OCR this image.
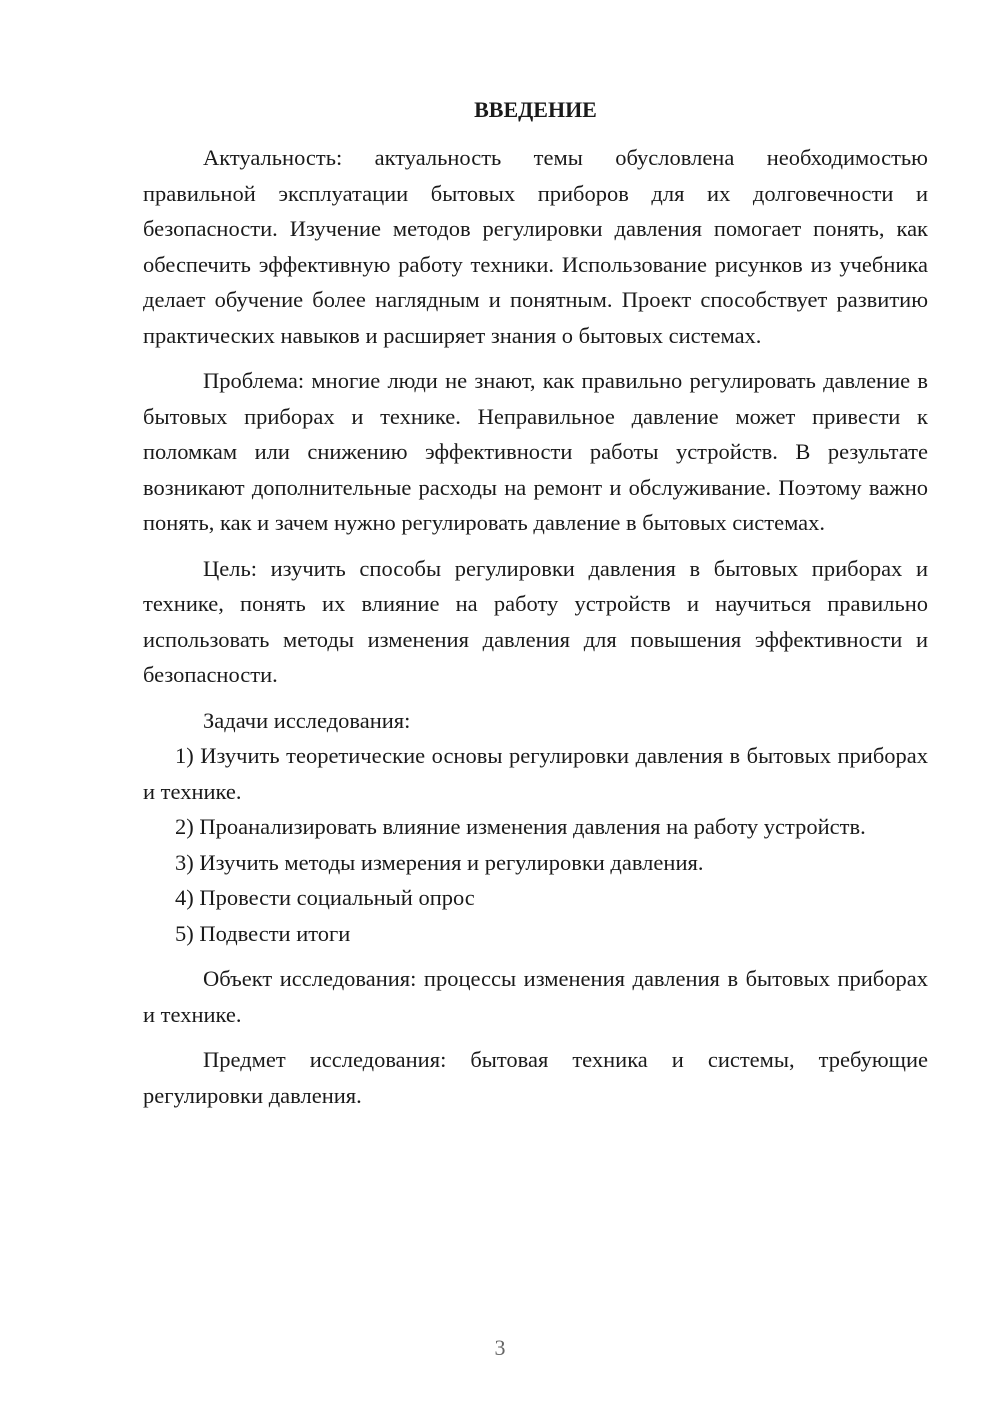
ВВЕДЕНИЕ

Актуальность: актуальность темы обусловлена необходимостью правильной эксплуатации бытовых приборов для их долговечности и безопасности. Изучение методов регулировки давления помогает понять, как обеспечить эффективную работу техники. Использование рисунков из учебника делает обучение более наглядным и понятным. Проект способствует развитию практических навыков и расширяет знания о бытовых системах.

Проблема: многие люди не знают, как правильно регулировать давление в бытовых приборах и технике. Неправильное давление может привести к поломкам или снижению эффективности работы устройств. В результате возникают дополнительные расходы на ремонт и обслуживание. Поэтому важно понять, как и зачем нужно регулировать давление в бытовых системах.

Цель: изучить способы регулировки давления в бытовых приборах и технике, понять их влияние на работу устройств и научиться правильно использовать методы изменения давления для повышения эффективности и безопасности.

Задачи исследования:

1) Изучить теоретические основы регулировки давления в бытовых приборах и технике.

2) Проанализировать влияние изменения давления на работу устройств.

3) Изучить методы измерения и регулировки давления.

4) Провести социальный опрос

5) Подвести итоги

Объект исследования: процессы изменения давления в бытовых приборах и технике.

Предмет исследования: бытовая техника и системы, требующие регулировки давления.

3
